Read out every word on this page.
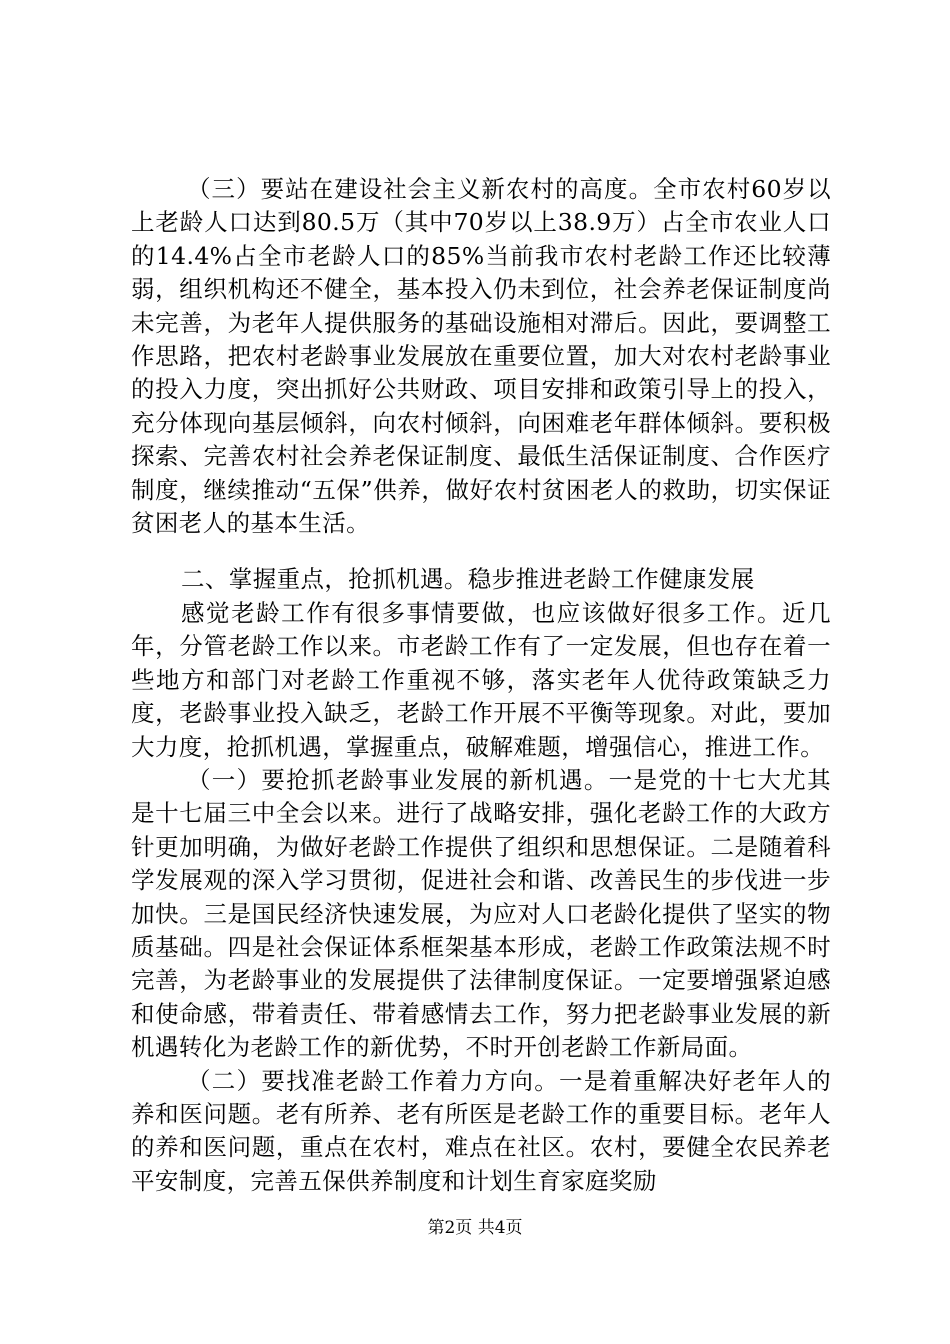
（三）要站在建设社会主义新农村的高度。全市农村60岁以上老龄人口达到80.5万（其中70岁以上38.9万）占全市农业人口的14.4%占全市老龄人口的85%当前我市农村老龄工作还比较薄弱，组织机构还不健全，基本投入仍未到位，社会养老保证制度尚未完善，为老年人提供服务的基础设施相对滞后。因此，要调整工作思路，把农村老龄事业发展放在重要位置，加大对农村老龄事业的投入力度，突出抓好公共财政、项目安排和政策引导上的投入，充分体现向基层倾斜，向农村倾斜，向困难老年群体倾斜。要积极探索、完善农村社会养老保证制度、最低生活保证制度、合作医疗制度，继续推动“五保”供养，做好农村贫困老人的救助，切实保证贫困老人的基本生活。

二、掌握重点，抢抓机遇。稳步推进老龄工作健康发展

感觉老龄工作有很多事情要做，也应该做好很多工作。近几年，分管老龄工作以来。市老龄工作有了一定发展，但也存在着一些地方和部门对老龄工作重视不够，落实老年人优待政策缺乏力度，老龄事业投入缺乏，老龄工作开展不平衡等现象。对此，要加大力度，抢抓机遇，掌握重点，破解难题，增强信心，推进工作。

（一）要抢抓老龄事业发展的新机遇。一是党的十七大尤其是十七届三中全会以来。进行了战略安排，强化老龄工作的大政方针更加明确，为做好老龄工作提供了组织和思想保证。二是随着科学发展观的深入学习贯彻，促进社会和谐、改善民生的步伐进一步加快。三是国民经济快速发展，为应对人口老龄化提供了坚实的物质基础。四是社会保证体系框架基本形成，老龄工作政策法规不时完善，为老龄事业的发展提供了法律制度保证。一定要增强紧迫感和使命感，带着责任、带着感情去工作，努力把老龄事业发展的新机遇转化为老龄工作的新优势，不时开创老龄工作新局面。

（二）要找准老龄工作着力方向。一是着重解决好老年人的养和医问题。老有所养、老有所医是老龄工作的重要目标。老年人的养和医问题，重点在农村，难点在社区。农村，要健全农民养老平安制度，完善五保供养制度和计划生育家庭奖励

第2页 共4页
